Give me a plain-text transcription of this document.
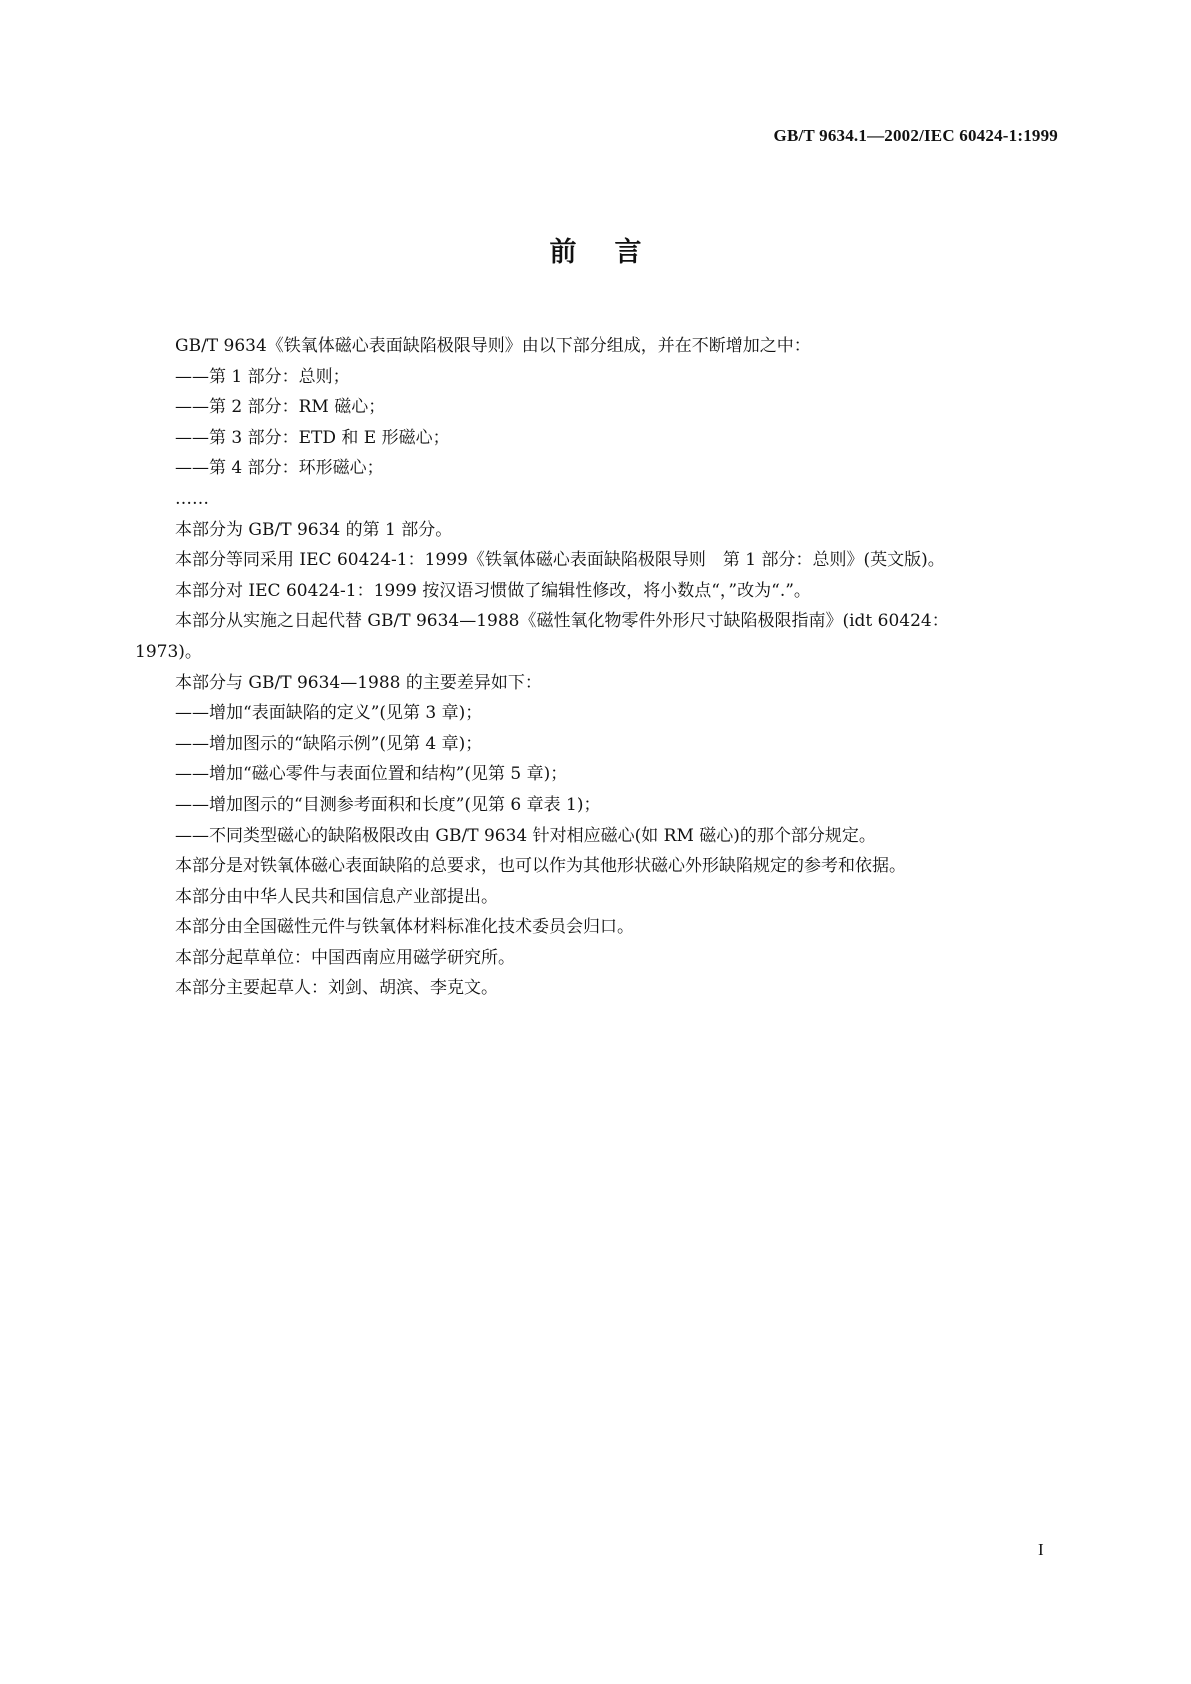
GB/T 9634.1—2002/IEC 60424-1:1999
前言
GB/T 9634《铁氧体磁心表面缺陷极限导则》由以下部分组成，并在不断增加之中：
——第 1 部分：总则；
——第 2 部分：RM 磁心；
——第 3 部分：ETD 和 E 形磁心；
——第 4 部分：环形磁心；
……
本部分为 GB/T 9634 的第 1 部分。
本部分等同采用 IEC 60424-1：1999《铁氧体磁心表面缺陷极限导则　第 1 部分：总则》(英文版)。
本部分对 IEC 60424-1：1999 按汉语习惯做了编辑性修改，将小数点“，”改为“.”。
本部分从实施之日起代替 GB/T 9634—1988《磁性氧化物零件外形尺寸缺陷极限指南》(idt 60424：
1973)。
本部分与 GB/T 9634—1988 的主要差异如下：
——增加“表面缺陷的定义”(见第 3 章)；
——增加图示的“缺陷示例”(见第 4 章)；
——增加“磁心零件与表面位置和结构”(见第 5 章)；
——增加图示的“目测参考面积和长度”(见第 6 章表 1)；
——不同类型磁心的缺陷极限改由 GB/T 9634 针对相应磁心(如 RM 磁心)的那个部分规定。
本部分是对铁氧体磁心表面缺陷的总要求，也可以作为其他形状磁心外形缺陷规定的参考和依据。
本部分由中华人民共和国信息产业部提出。
本部分由全国磁性元件与铁氧体材料标准化技术委员会归口。
本部分起草单位：中国西南应用磁学研究所。
本部分主要起草人：刘剑、胡滨、李克文。
I
